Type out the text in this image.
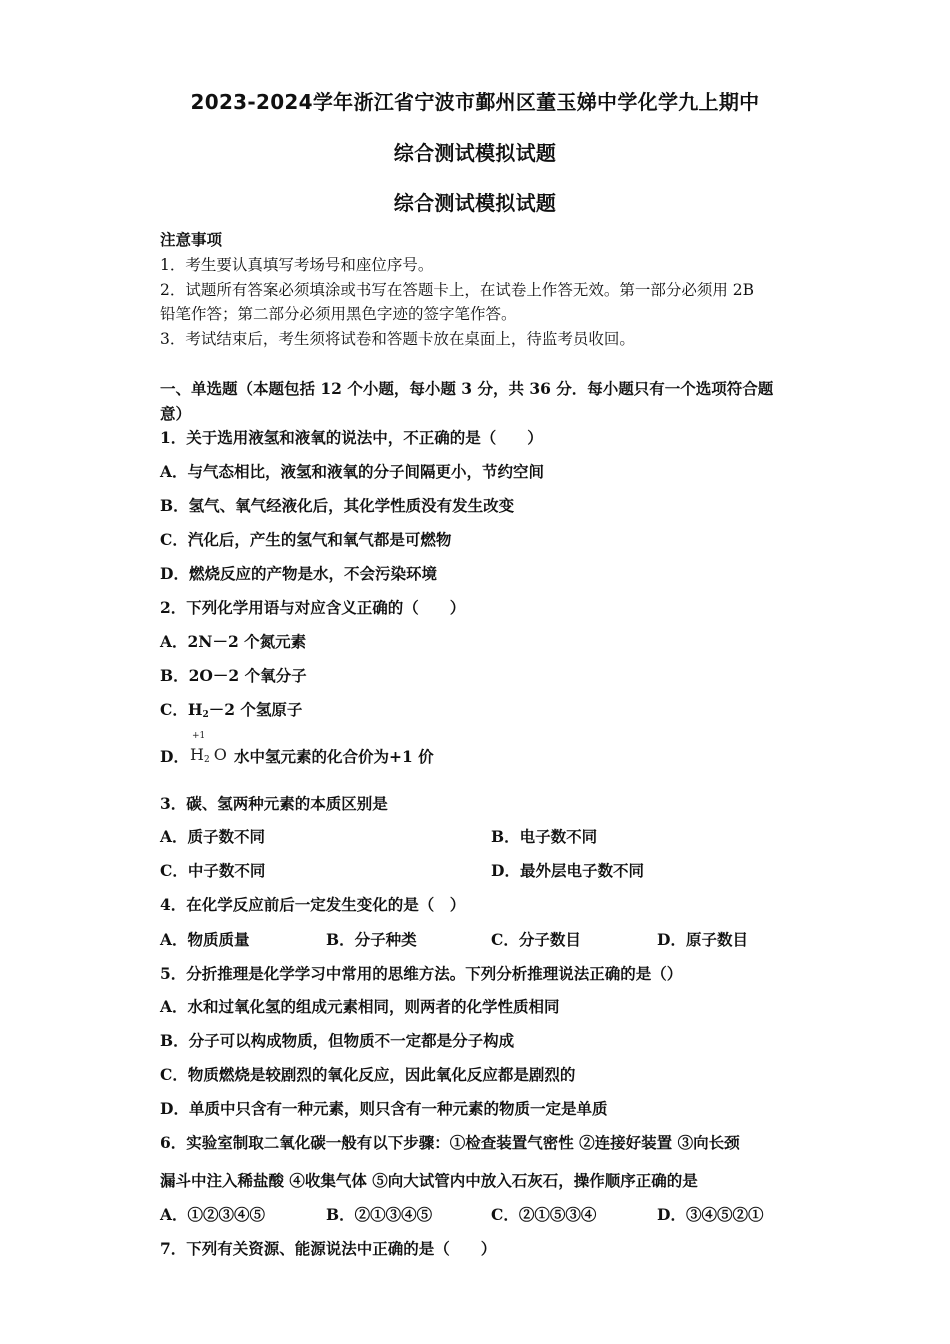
2023-2024学年浙江省宁波市鄞州区董玉娣中学化学九上期中
综合测试模拟试题
综合测试模拟试题
注意事项
1．考生要认真填写考场号和座位序号。
2．试题所有答案必须填涂或书写在答题卡上，在试卷上作答无效。第一部分必须用 2B
铅笔作答；第二部分必须用黑色字迹的签字笔作答。
3．考试结束后，考生须将试卷和答题卡放在桌面上，待监考员收回。
一、单选题（本题包括 12 个小题，每小题 3 分，共 36 分．每小题只有一个选项符合题
意）
1．关于选用液氢和液氧的说法中，不正确的是（　　）
A．与气态相比，液氢和液氧的分子间隔更小，节约空间
B．氢气、氧气经液化后，其化学性质没有发生改变
C．汽化后，产生的氢气和氧气都是可燃物
D．燃烧反应的产物是水，不会污染环境
2．下列化学用语与对应含义正确的（　　）
A．2N－2 个氮元素
B．2O－2 个氧分子
C．$H_2-2$ 个氢原子
D．
+1
$H_2$ O 水中氢元素的化合价为+1 价
3．碳、氢两种元素的本质区别是
A．质子数不同	B．电子数不同
C．中子数不同	D．最外层电子数不同
4．在化学反应前后一定发生变化的是（　）
A．物质质量	B．分子种类	C．分子数目	D．原子数目
5．分折推理是化学学习中常用的思维方法。下列分析推理说法正确的是（）
A．水和过氧化氢的组成元素相同，则两者的化学性质相同
B．分子可以构成物质，但物质不一定都是分子构成
C．物质燃烧是较剧烈的氧化反应，因此氧化反应都是剧烈的
D．单质中只含有一种元素，则只含有一种元素的物质一定是单质
6．实验室制取二氧化碳一般有以下步骤：①检查装置气密性 ②连接好装置 ③向长颈
漏斗中注入稀盐酸 ④收集气体 ⑤向大试管内中放入石灰石，操作顺序正确的是
A．①②③④⑤	B．②①③④⑤	C．②①⑤③④	D．③④⑤②①
7．下列有关资源、能源说法中正确的是（　　）
